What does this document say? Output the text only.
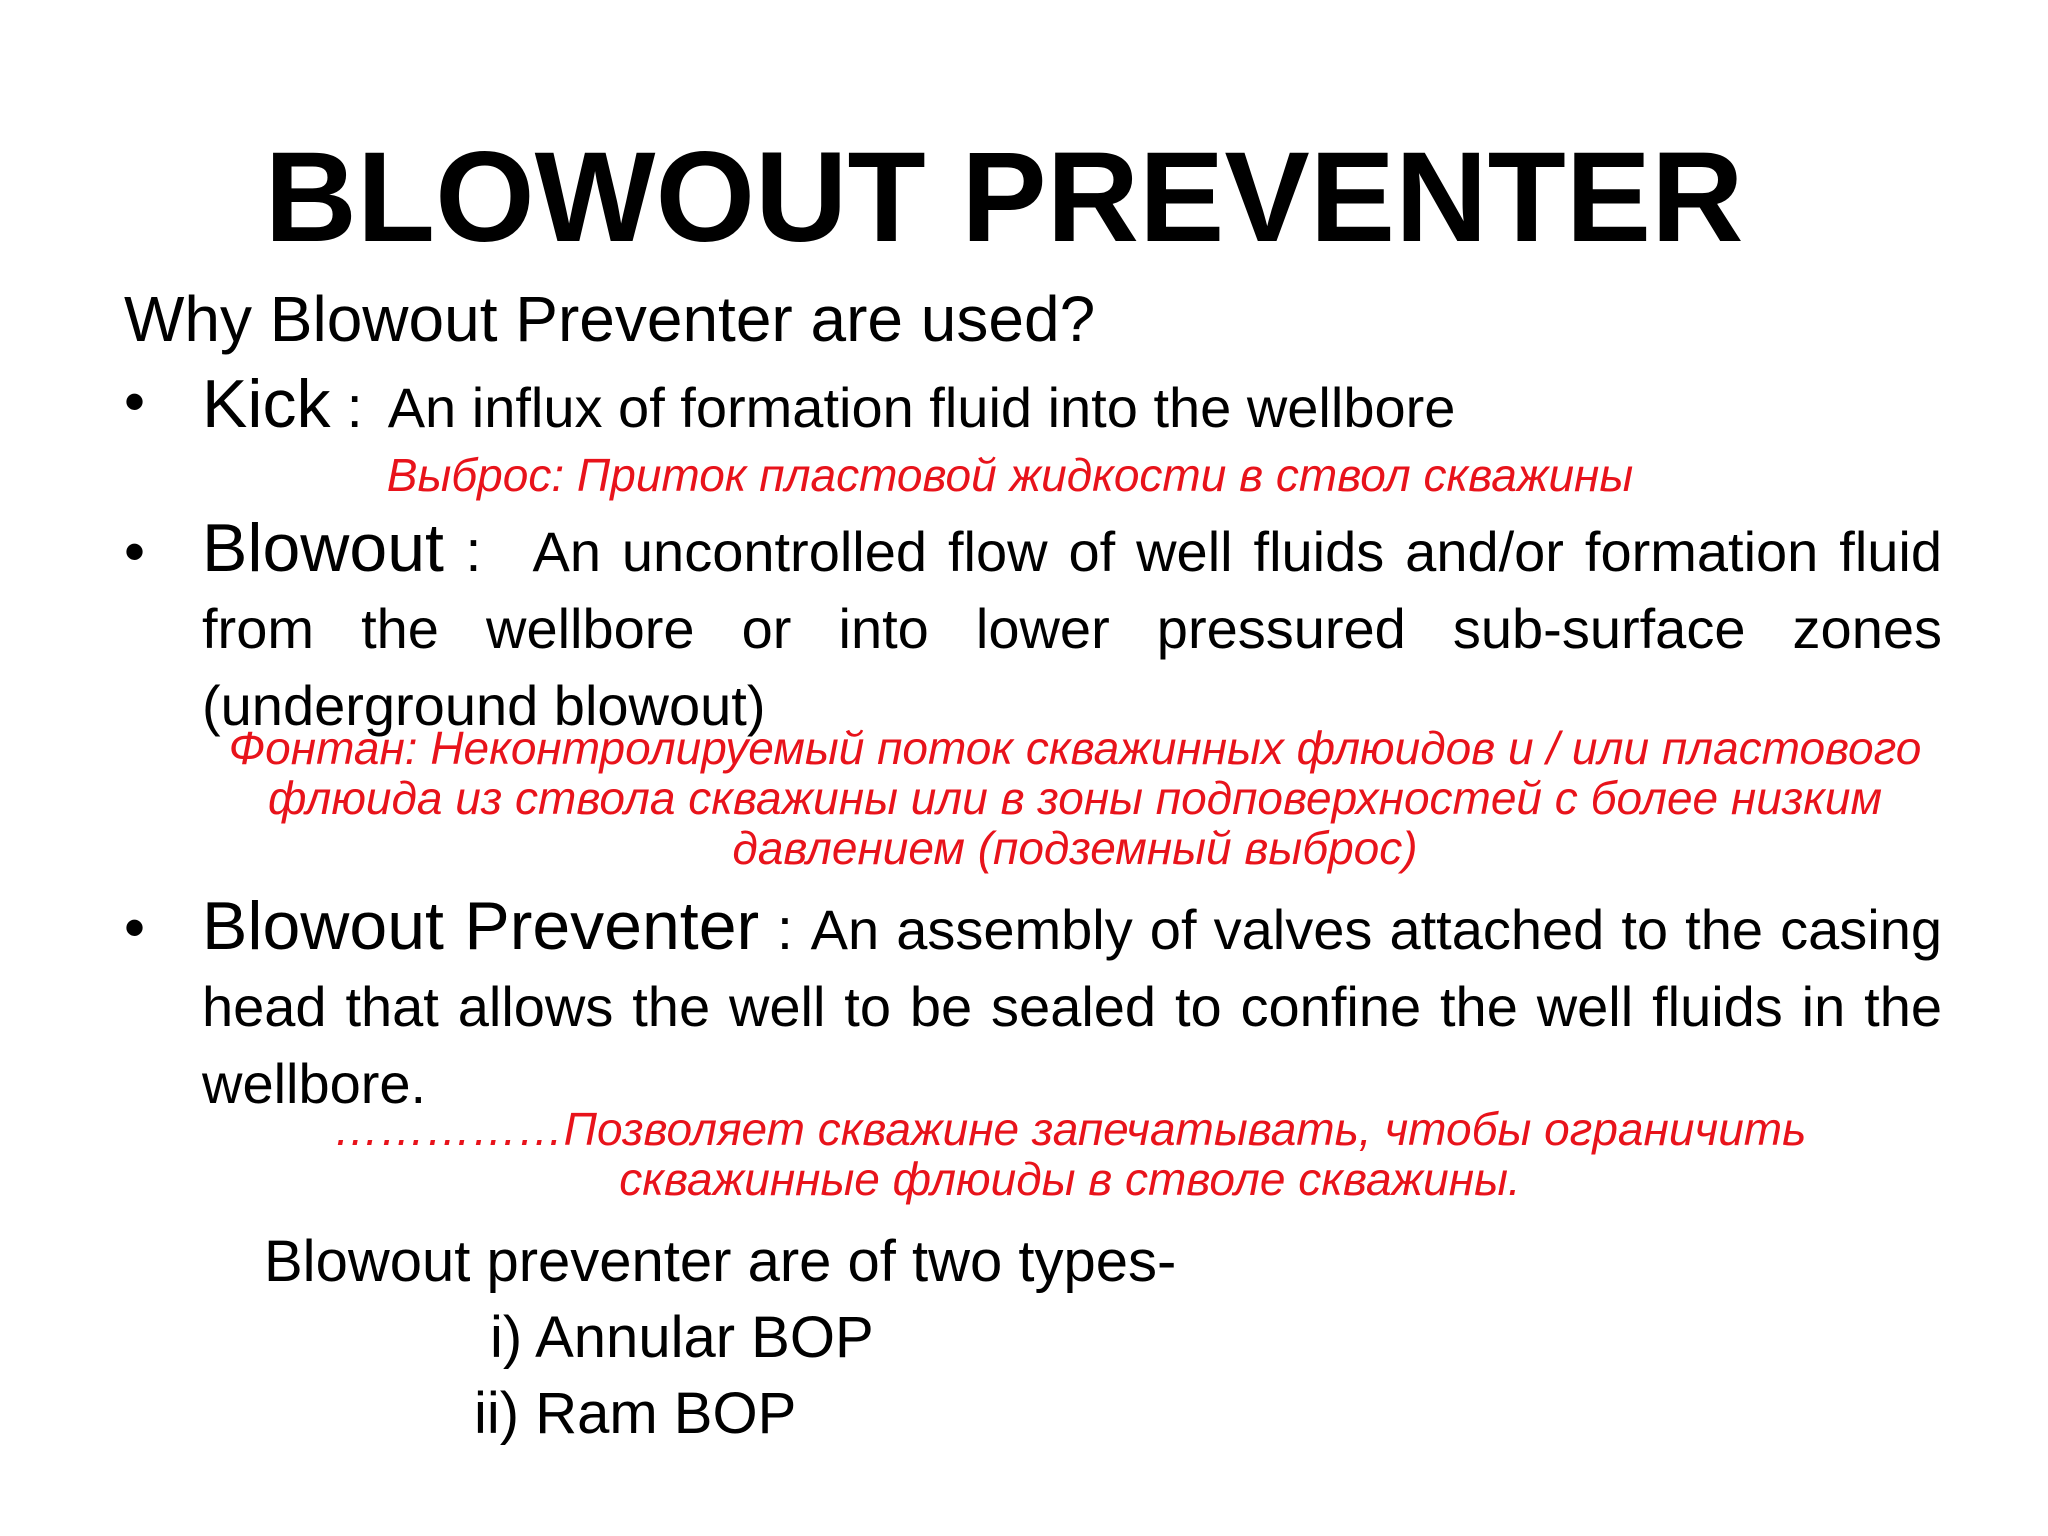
BLOWOUT PREVENTER
Why Blowout Preventer are used?
• Kick :   An influx of formation fluid into the wellbore
Выброс: Приток пластовой жидкости в ствол скважины
• Blowout :    An uncontrolled flow of well fluids and/or formation fluid from the wellbore or into lower pressured sub-surface zones (underground blowout)
Фонтан: Неконтролируемый поток скважинных флюидов и / или пластового флюида из ствола скважины или в зоны подповерхностей с более низким давлением (подземный выброс)
• Blowout Preventer : An assembly of valves attached to the casing head that allows the well to be sealed to confine the well fluids in the wellbore.
……………Позволяет скважине запечатывать, чтобы ограничить скважинные флюиды в стволе скважины.
Blowout preventer are of two types-
i) Annular BOP
ii) Ram BOP
